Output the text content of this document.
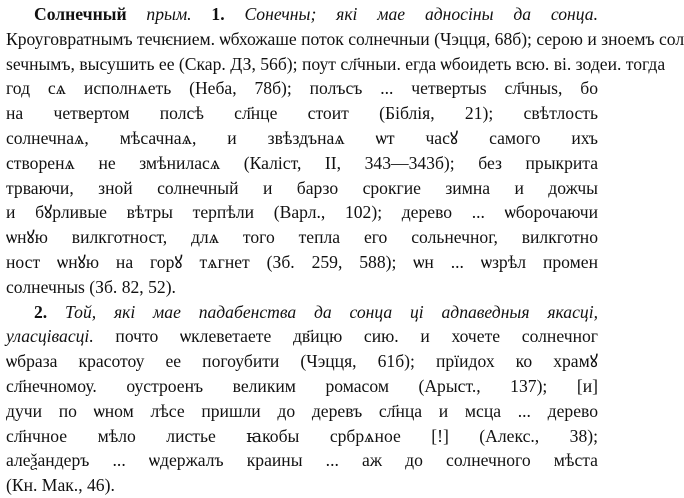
Солнечный прым. 1. Сонечны; які мае адносіны да сонца.
Кроуговратнымъ течѥнием. ѡбхожаше поток солнечныи (Чэцця, 68б); серою и зноемъ сол
ѕечнымъ, высушить ее (Скар. ДЗ, 56б); поут сл҃чныи. егда ѡбоидеть всю. ві. зодеи. тогда
год сѧ исполнѧеть (Неба, 78б); полъсъ ... четвертыѕ сл҃чныѕ, бо
на четвертом полсѣ сл҃нце стоит (Біблія, 21); свѣтлость
солнечнаѧ, мѣсачнаѧ, и звѣздънаѧ ѡт часꙋ самого ихъ
створенѧ не змѣниласѧ (Каліст, II, 343—343б); без прыкрита
трваючи, зной солнечный и барзо срокгие зимна и дожчы
и бꙋрливые вѣтры терпѣли (Варл., 102); дерево ... ѡборочаючи
ѡнꙋю вилкготност, длѧ того тепла его сольнечног, вилкготно
ност ѡнꙋю на горꙋ тѧгнет (Зб. 259, 588); ѡн ... ѡзрѣл промен
солнечныѕ (Зб. 82, 52).
2. Той, які мае падабенства да сонца ці адпаведныя якасці,
уласцівасці. почто ѡклеветаете дв҃ицю сию. и хочете солнечног
ѡбраза красотоу ее погоубити (Чэцця, 61б); прїидох ко храмꙋ
сл҃нечномоу. оустроенъ великим ромасом (Арыст., 137); [и]
дучи по ѡном лѣсе пришли до деревъ сл҃нца и мсца ... дерево
сл҃нчное мѣло листье ꙗкобы србрѧное [!] (Алекс., 38);
алеѯандеръ ... ѡдержалъ краины ... аж до солнечного мѣста
(Кн. Мак., 46).
